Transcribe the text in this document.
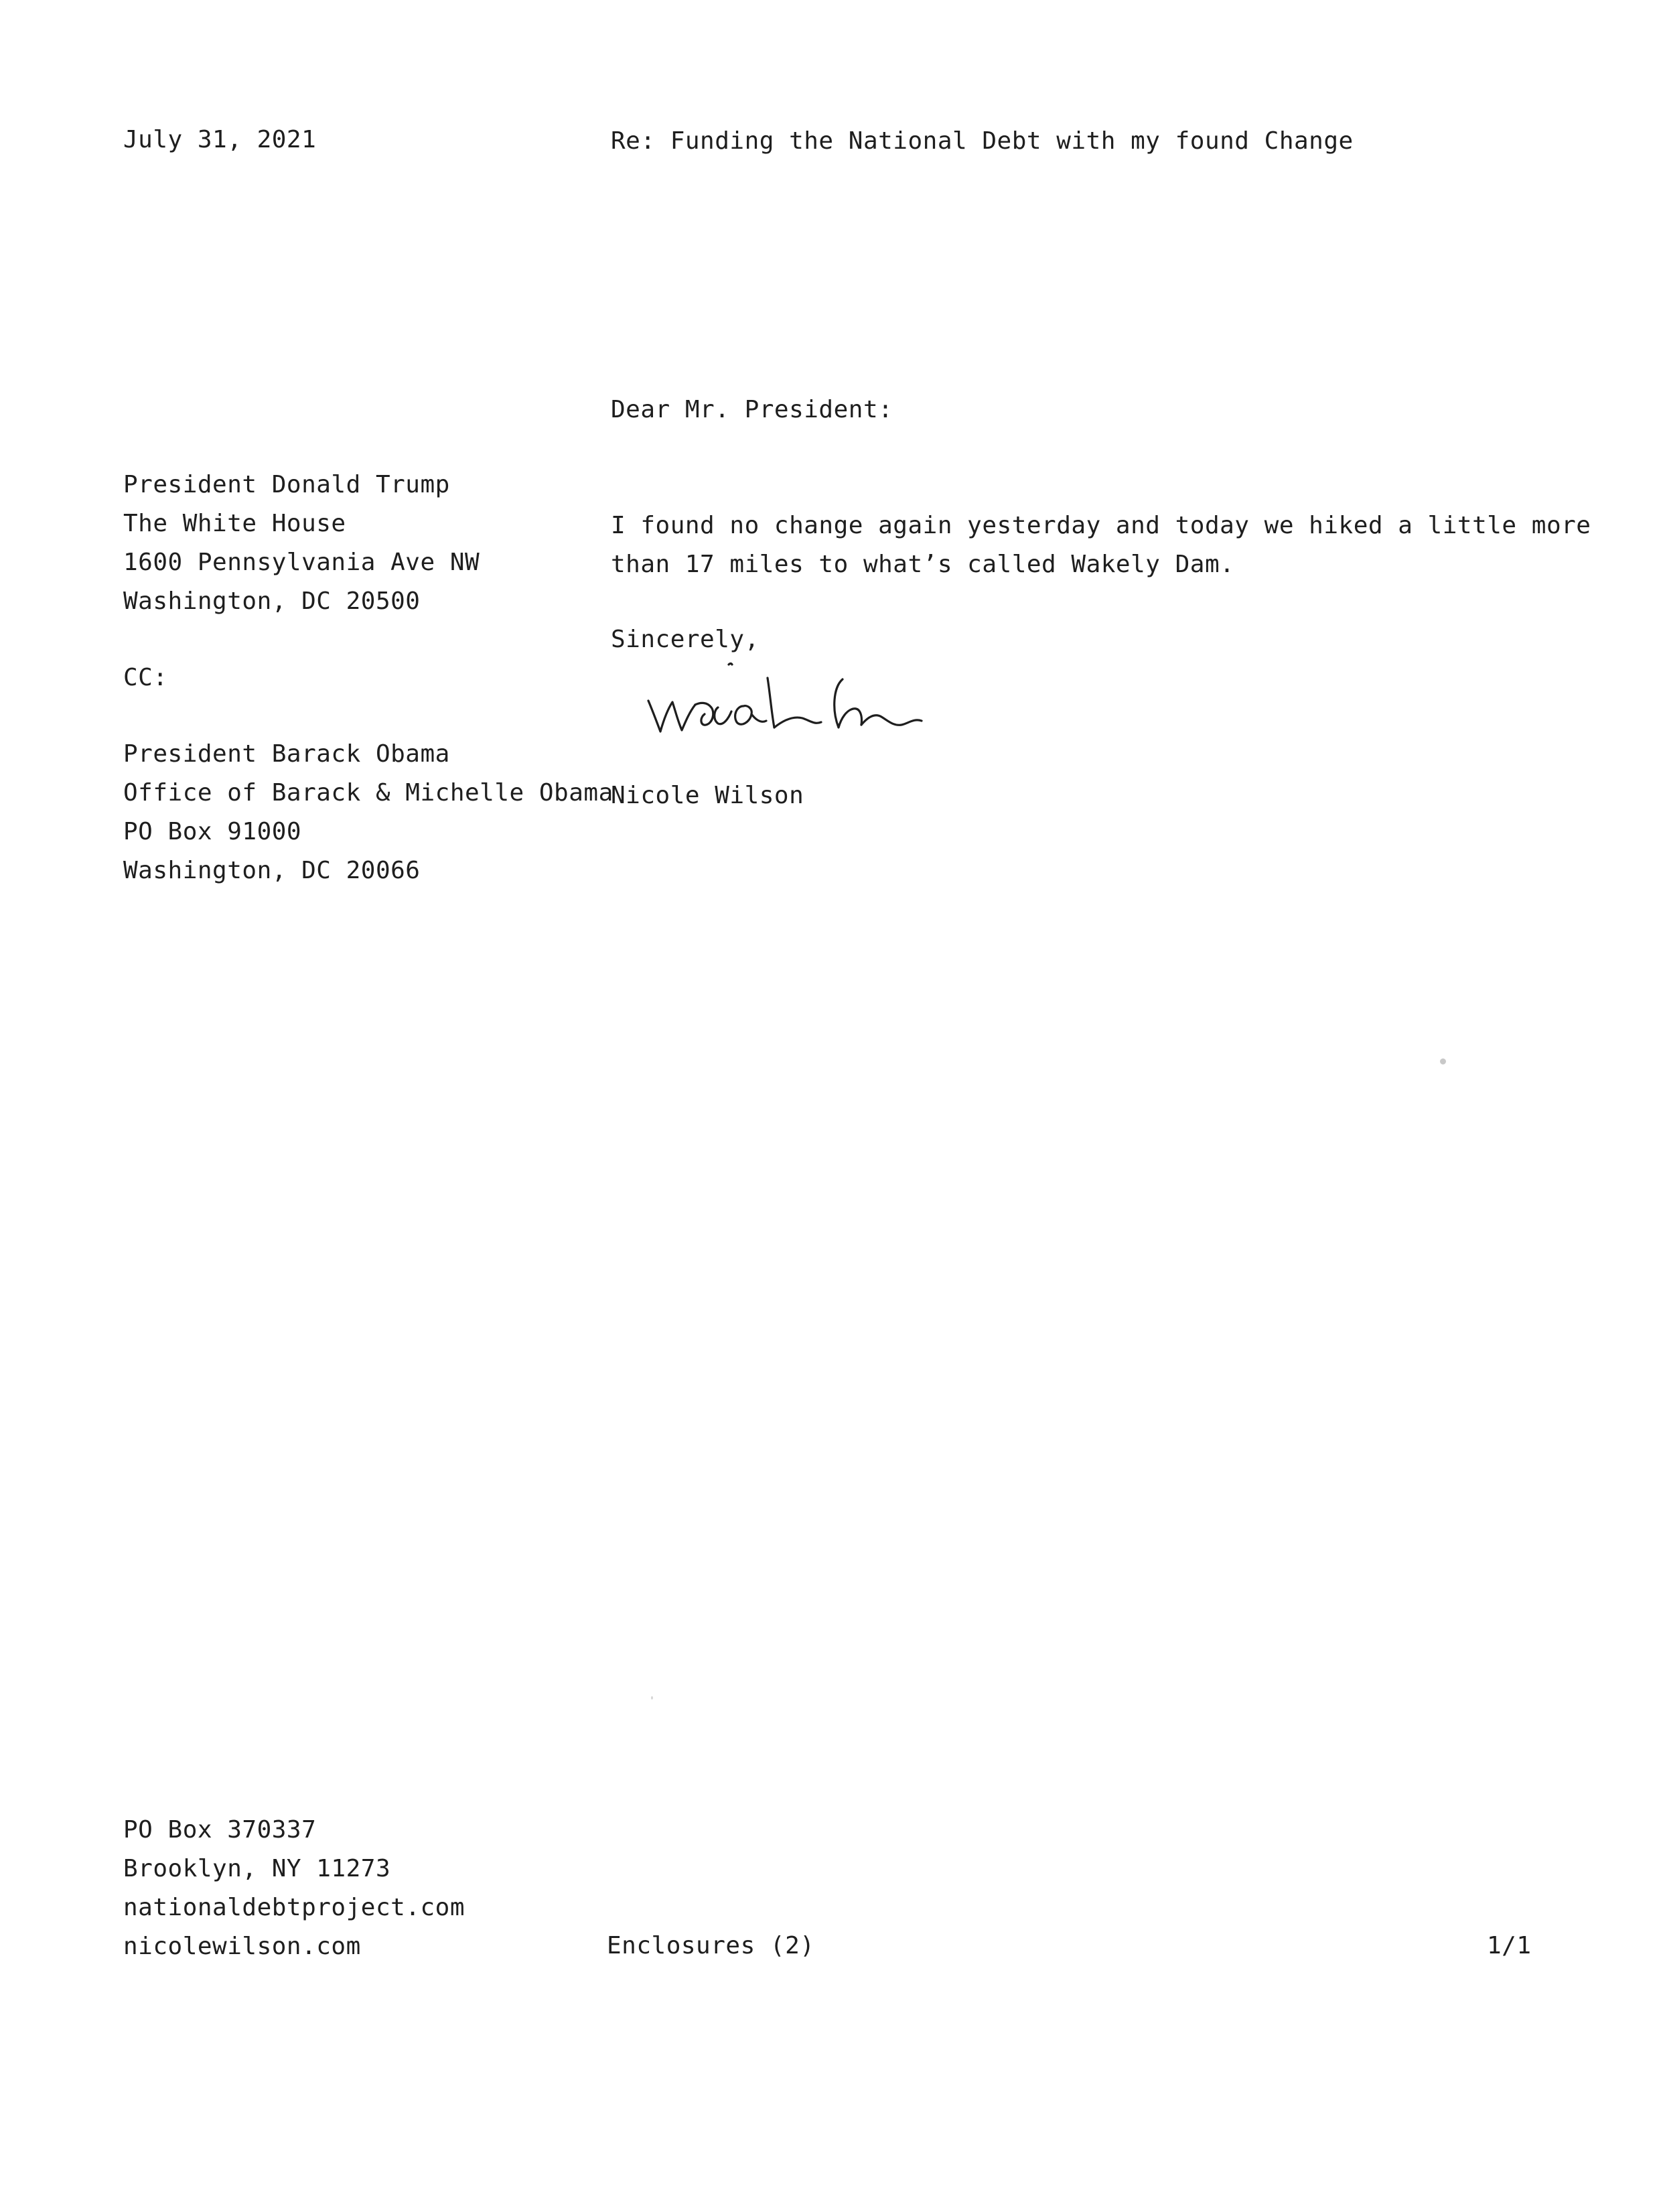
July 31, 2021	Re: Funding the National Debt with my found Change
Dear Mr. President:
President Donald Trump
The White House
1600 Pennsylvania Ave NW
Washington, DC 20500
I found no change again yesterday and today we hiked a little more
than 17 miles to what’s called Wakely Dam.
Sincerely,
CC:
Nicole Wilson
President Barack Obama
Office of Barack & Michelle Obama
PO Box 91000
Washington, DC 20066
PO Box 370337
Brooklyn, NY 11273
nationaldebtproject.com
nicolewilson.com	Enclosures (2)	1/1
